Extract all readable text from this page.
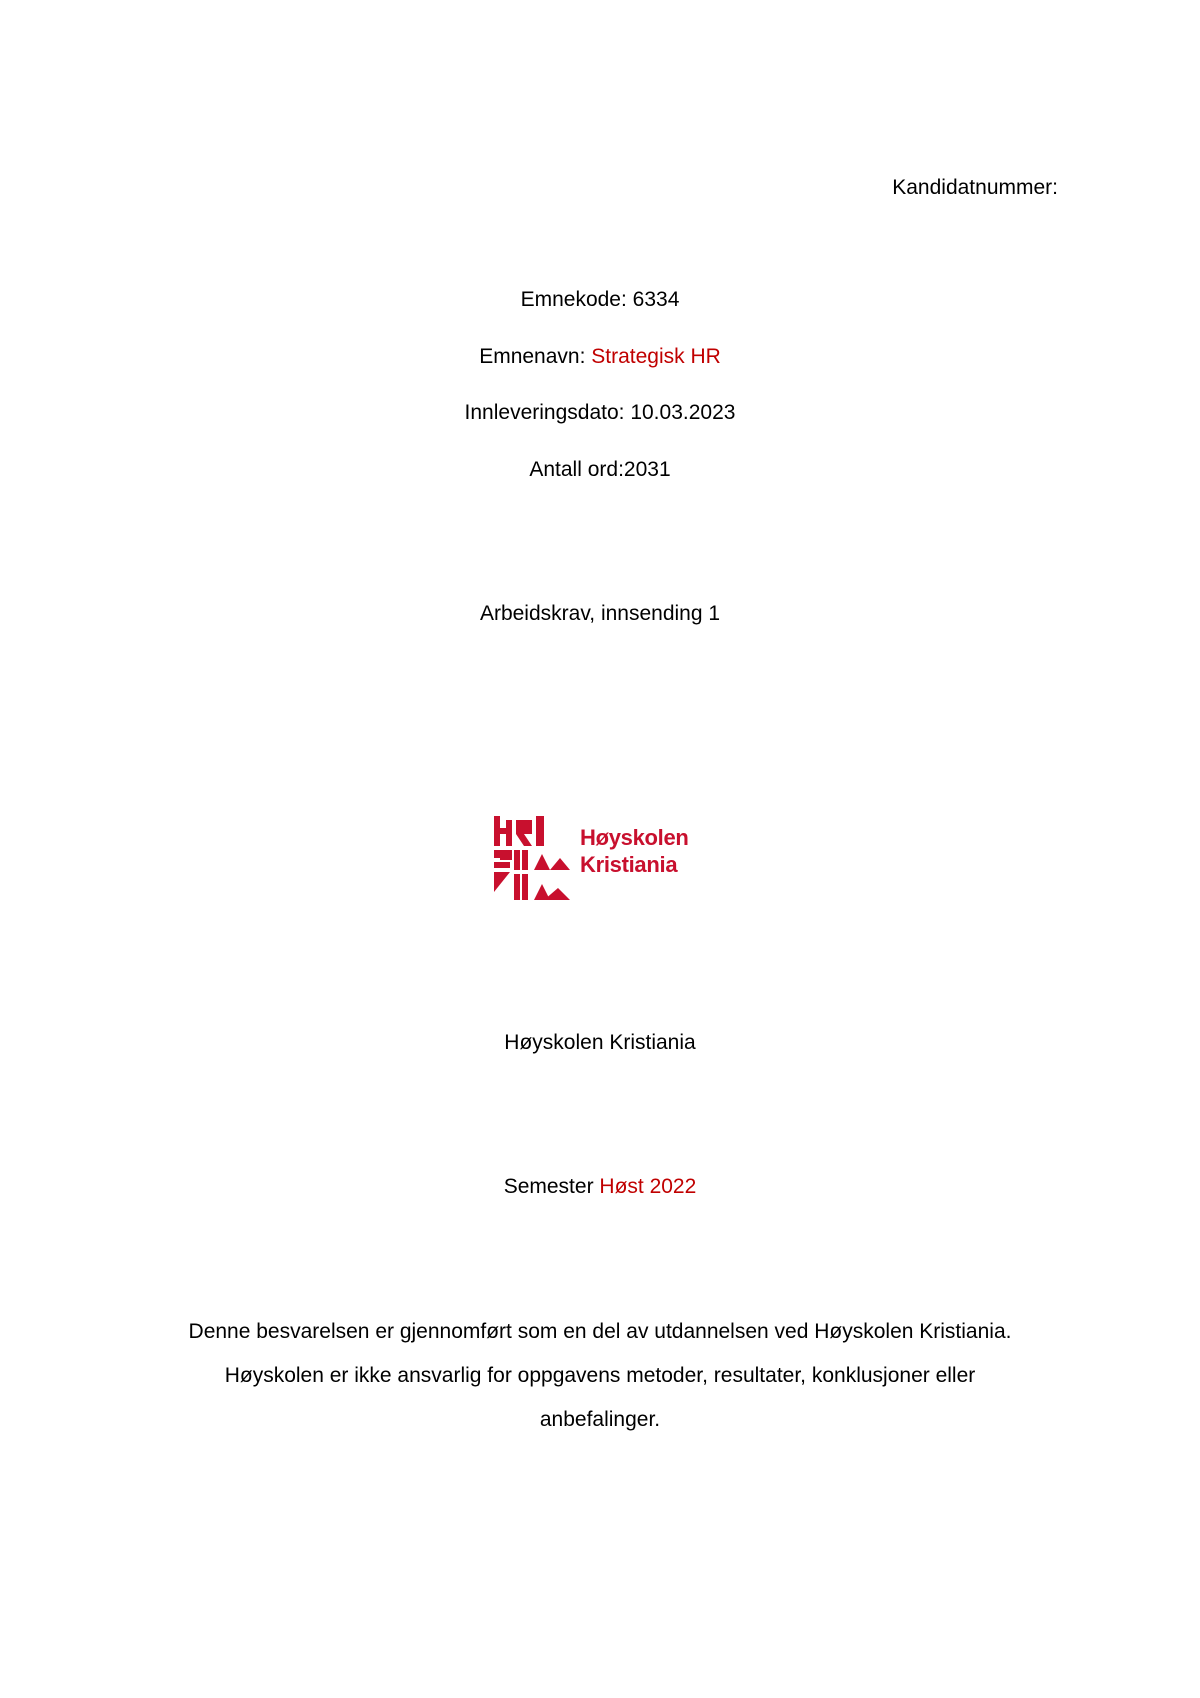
Kandidatnummer:
Emnekode: 6334
Emnenavn: Strategisk HR
Innleveringsdato: 10.03.2023
Antall ord:2031
Arbeidskrav, innsending 1
Høyskolen
Kristiania
Høyskolen Kristiania
Semester Høst 2022
Denne besvarelsen er gjennomført som en del av utdannelsen ved Høyskolen Kristiania.
Høyskolen er ikke ansvarlig for oppgavens metoder, resultater, konklusjoner eller
anbefalinger.
